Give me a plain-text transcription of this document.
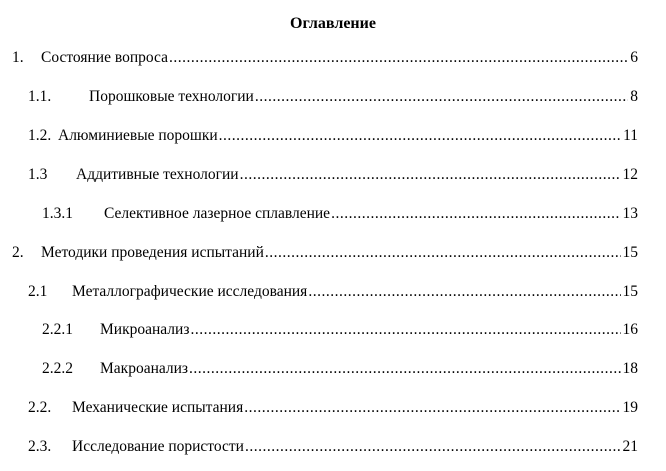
Оглавление
1.	Состояние вопроса .....	6
1.1.	Порошковые технологии .....	8
1.2. Алюминиевые порошки .....	11
1.3	Аддитивные технологии .....	12
1.3.1	Селективное лазерное сплавление .....	13
2.	Методики проведения испытаний .....	15
2.1	Металлографические исследования .....	15
2.2.1	Микроанализ .....	16
2.2.2	Макроанализ .....	18
2.2.	Механические испытания .....	19
2.3.	Исследование пористости .....	21
